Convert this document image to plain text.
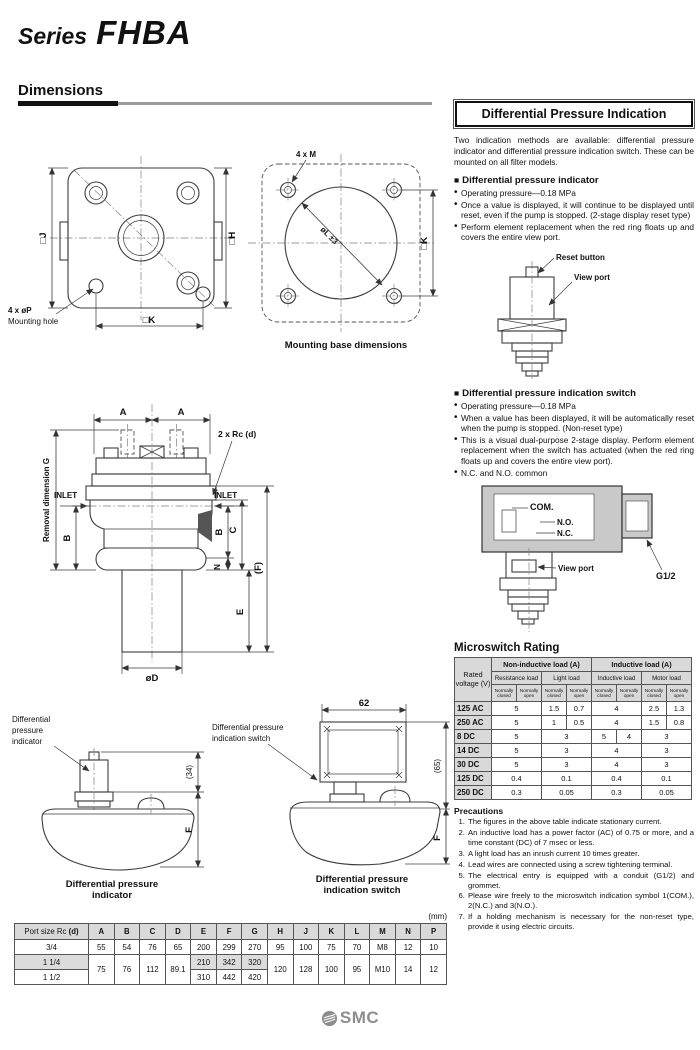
Series FHBA
Dimensions
□J	□H
□K
4 x øP
Mounting hole
øL ±3	□K
4 x M
Mounting base dimensions
A	A
2 x Rc (d)
INLET	INLET
øD
Removal dimension G B
B
N
C
E
(F)
Differential
pressure
indicator
(34)
F
Differential pressure
indicator
62
Differential pressure
indication switch
(65)
F
Differential pressure
indication switch
Differential Pressure Indication

Two indication methods are available: differential pressure indicator and differential pressure indication switch. These can be mounted on all filter models.

■ Differential pressure indicator
• Operating pressure—0.18 MPa
• Once a value is displayed, it will continue to be displayed until reset, even if the pump is stopped. (2-stage display reset type)
• Perform element replacement when the red ring floats up and covers the entire view port.
Reset button
View port
■ Differential pressure indication switch
• Operating pressure—0.18 MPa
• When a value has been displayed, it will be automatically reset when the pump is stopped. (Non-reset type)
• This is a visual dual-purpose 2-stage display. Perform element replacement when the switch has actuated (when the red ring floats up and covers the entire view port).
• N.C. and N.O. common
COM.
N.O.
N.C.
View port
G1/2
Microswitch Rating
Rated voltage (V)	Non-inductive load (A)				Inductive load (A)			
	Resistance load		Light load		Inductive load		Motor load	
	Normally closed	Normally open	Normally closed	Normally open	Normally closed	Normally open	Normally closed	Normally open
125 AC	5		1.5	0.7	4		2.5	1.3
250 AC	5		1	0.5	4		1.5	0.8
8 DC	5		3		5	4	3	
14 DC	5		3		4		3	
30 DC	5		3		4		3	
125 DC	0.4		0.1		0.4		0.1	
250 DC	0.3		0.05		0.3		0.05	
Precautions
1. The figures in the above table indicate stationary current.
2. An inductive load has a power factor (AC) of 0.75 or more, and a time constant (DC) of 7 msec or less.
3. A light load has an inrush current 10 times greater.
4. Lead wires are connected using a screw tightening terminal.
5. The electrical entry is equipped with a conduit (G1/2) and grommet.
6. Please wire freely to the microswitch indication symbol 1(COM.), 2(N.C.) and 3(N.O.).
7. If a holding mechanism is necessary for the non-reset type, provide it using electric circuits.
(mm)
Port size Rc (d)	A	B	C	D	E	F	G	H	J	K	L	M	N	P
3/4	55	54	76	65	200	299	270	95	100	75	70	M8	12	10
1 1/4	75	76	112	89.1	210	342	320	120	128	100	95	M10	14	12
1 1/2					310	442	420							
SMC
